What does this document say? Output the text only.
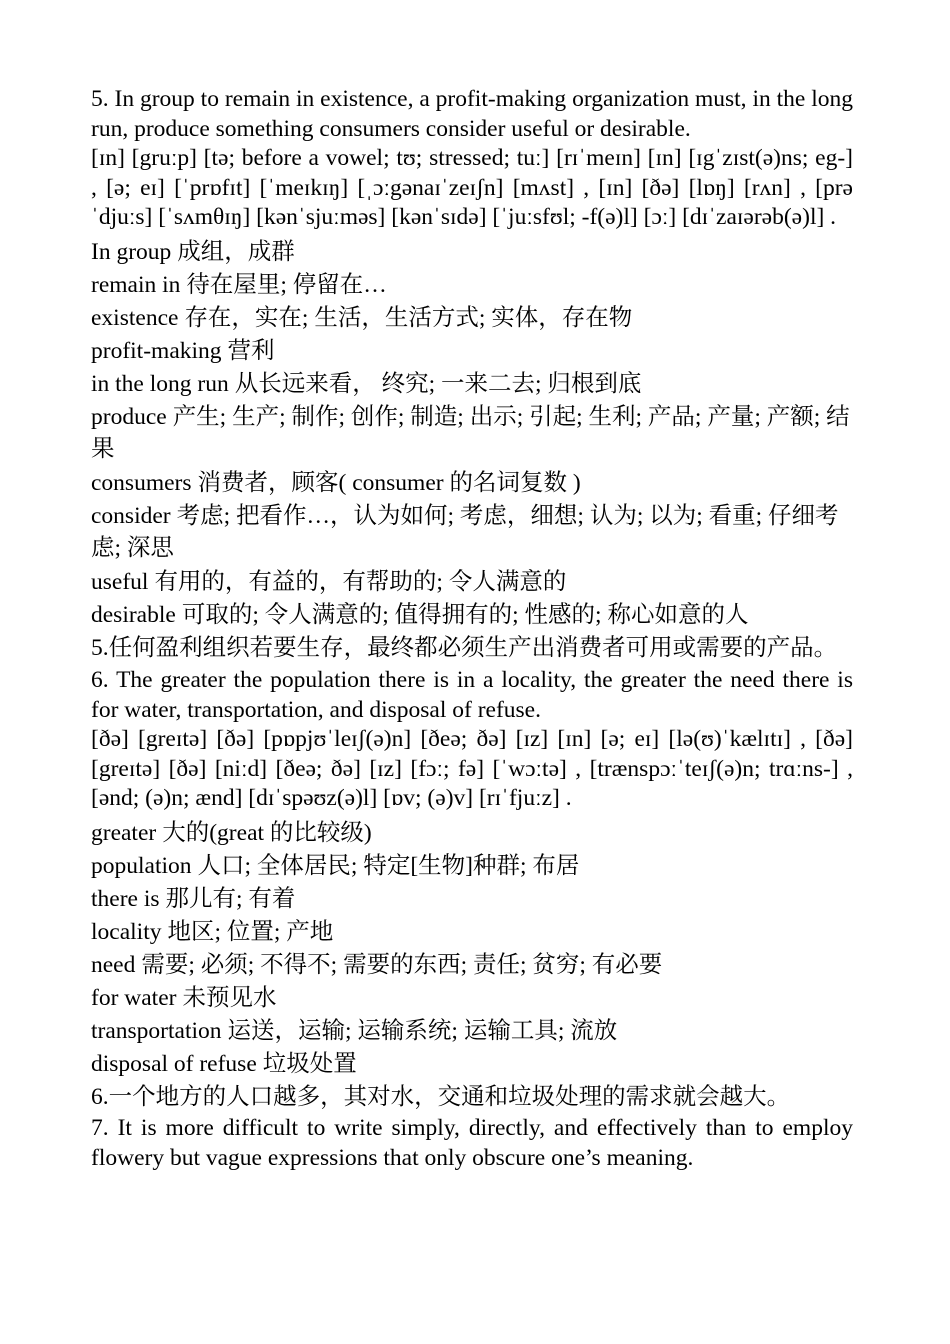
5. In group to remain in existence, a profit-making organization must, in the long run, produce something consumers consider useful or desirable.

[ɪn] [gruːp] [tə; before a vowel; tʊ; stressed; tuː] [rɪˈmeɪn] [ɪn] [ɪgˈzɪst(ə)ns; eg-] , [ə; eɪ] [ˈprɒfɪt] [ˈmeɪkɪŋ] [ˌɔːgənaɪˈzeɪʃn] [mʌst] , [ɪn] [ðə] [lɒŋ] [rʌn] , [prəˈdjuːs] [ˈsʌmθɪŋ] [kənˈsjuːməs] [kənˈsɪdə] [ˈjuːsfʊl; -f(ə)l] [ɔː] [dɪˈzaɪərəb(ə)l] .

In group 成组，成群
remain in 待在屋里; 停留在…
existence 存在，实在; 生活，生活方式; 实体，存在物
profit-making 营利
in the long run 从长远来看， 终究; 一来二去; 归根到底
produce 产生; 生产; 制作; 创作; 制造; 出示; 引起; 生利; 产品; 产量; 产额; 结果
consumers 消费者，顾客( consumer 的名词复数 )
consider 考虑; 把看作…，认为如何; 考虑，细想; 认为; 以为; 看重; 仔细考虑; 深思
useful 有用的，有益的，有帮助的; 令人满意的
desirable 可取的; 令人满意的; 值得拥有的; 性感的; 称心如意的人
5.任何盈利组织若要生存，最终都必须生产出消费者可用或需要的产品。

6. The greater the population there is in a locality, the greater the need there is for water, transportation, and disposal of refuse.

[ðə] [greɪtə] [ðə] [pɒpjʊˈleɪʃ(ə)n] [ðeə; ðə] [ɪz] [ɪn] [ə; eɪ] [lə(ʊ)ˈkælɪtɪ] , [ðə] [greɪtə] [ðə] [niːd] [ðeə; ðə] [ɪz] [fɔː; fə] [ˈwɔːtə] , [trænspɔːˈteɪʃ(ə)n; trɑːns-] , [ənd; (ə)n; ænd] [dɪˈspəʊz(ə)l] [ɒv; (ə)v] [rɪˈfjuːz] .

greater 大的(great 的比较级)
population 人口; 全体居民; 特定[生物]种群; 布居
there is 那儿有; 有着
locality 地区; 位置; 产地
need 需要; 必须; 不得不; 需要的东西; 责任; 贫穷; 有必要
for water 未预见水
transportation 运送，运输; 运输系统; 运输工具; 流放
disposal of refuse 垃圾处置
6.一个地方的人口越多，其对水，交通和垃圾处理的需求就会越大。

7. It is more difficult to write simply, directly, and effectively than to employ flowery but vague expressions that only obscure one’s meaning.
